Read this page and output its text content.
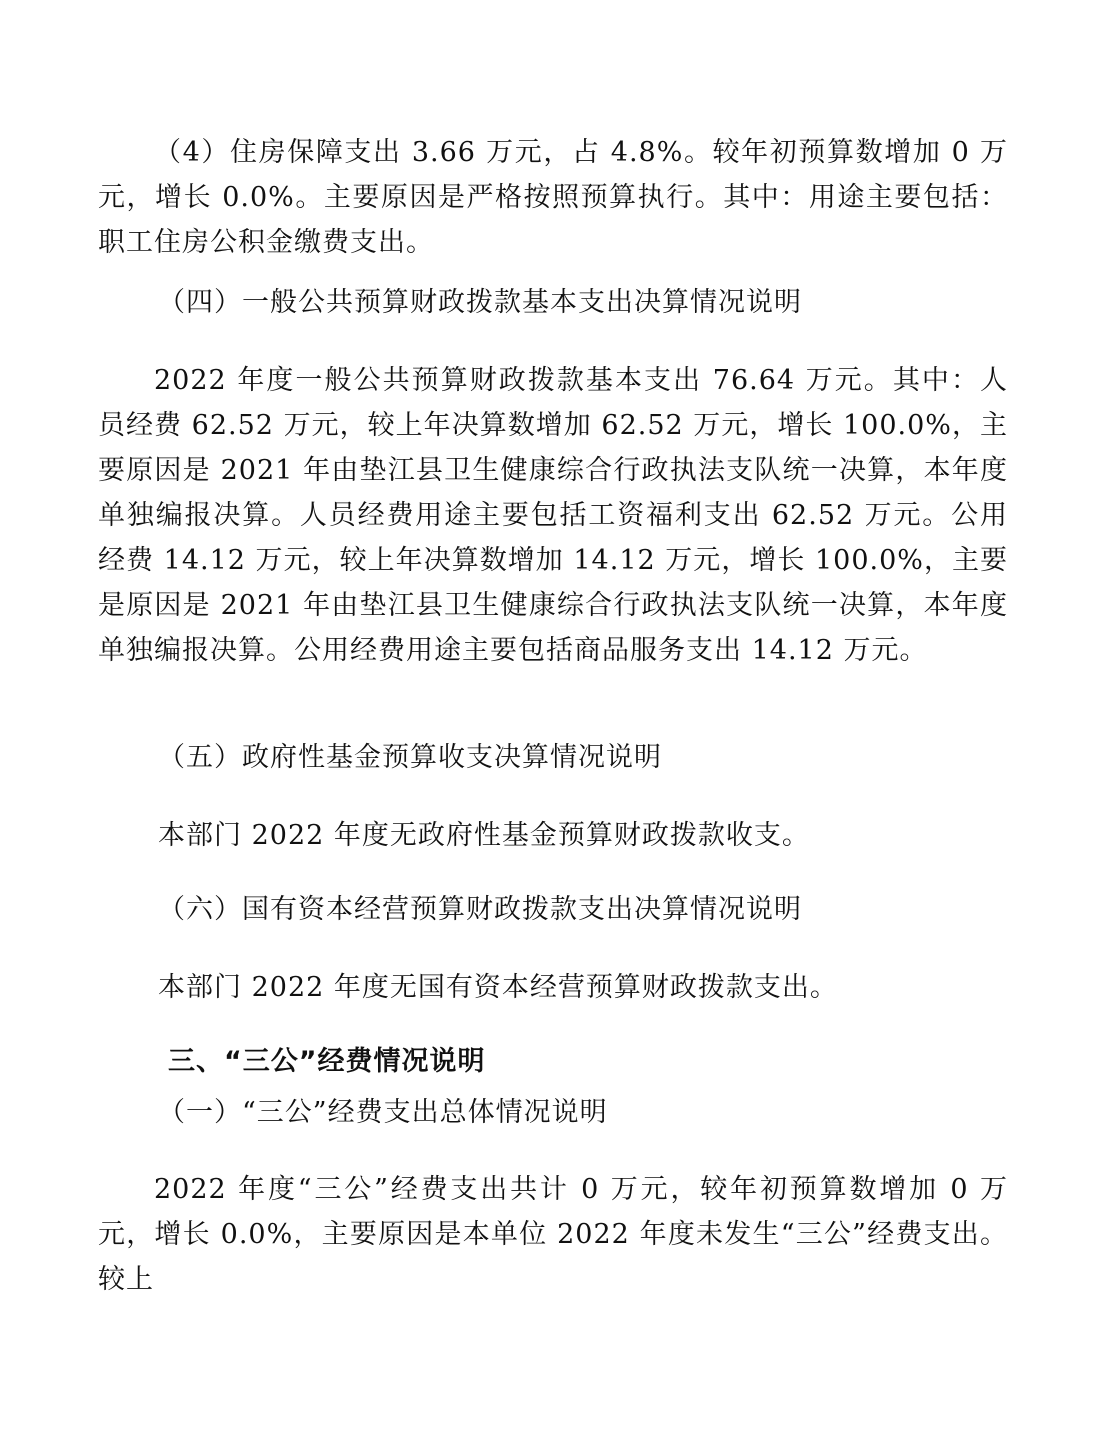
（4）住房保障支出 3.66 万元，占 4.8%。较年初预算数增加 0 万元，增长 0.0%。主要原因是严格按照预算执行。其中：用途主要包括：职工住房公积金缴费支出。

（四）一般公共预算财政拨款基本支出决算情况说明

2022 年度一般公共预算财政拨款基本支出 76.64 万元。其中：人员经费 62.52 万元，较上年决算数增加 62.52 万元，增长 100.0%，主要原因是 2021 年由垫江县卫生健康综合行政执法支队统一决算，本年度单独编报决算。人员经费用途主要包括工资福利支出 62.52 万元。公用经费 14.12 万元，较上年决算数增加 14.12 万元，增长 100.0%，主要是原因是 2021 年由垫江县卫生健康综合行政执法支队统一决算，本年度单独编报决算。公用经费用途主要包括商品服务支出 14.12 万元。

（五）政府性基金预算收支决算情况说明

本部门 2022 年度无政府性基金预算财政拨款收支。

（六）国有资本经营预算财政拨款支出决算情况说明

本部门 2022 年度无国有资本经营预算财政拨款支出。

三、“三公”经费情况说明

（一）“三公”经费支出总体情况说明

2022 年度“三公”经费支出共计 0 万元，较年初预算数增加 0 万元，增长 0.0%，主要原因是本单位 2022 年度未发生“三公”经费支出。较上
